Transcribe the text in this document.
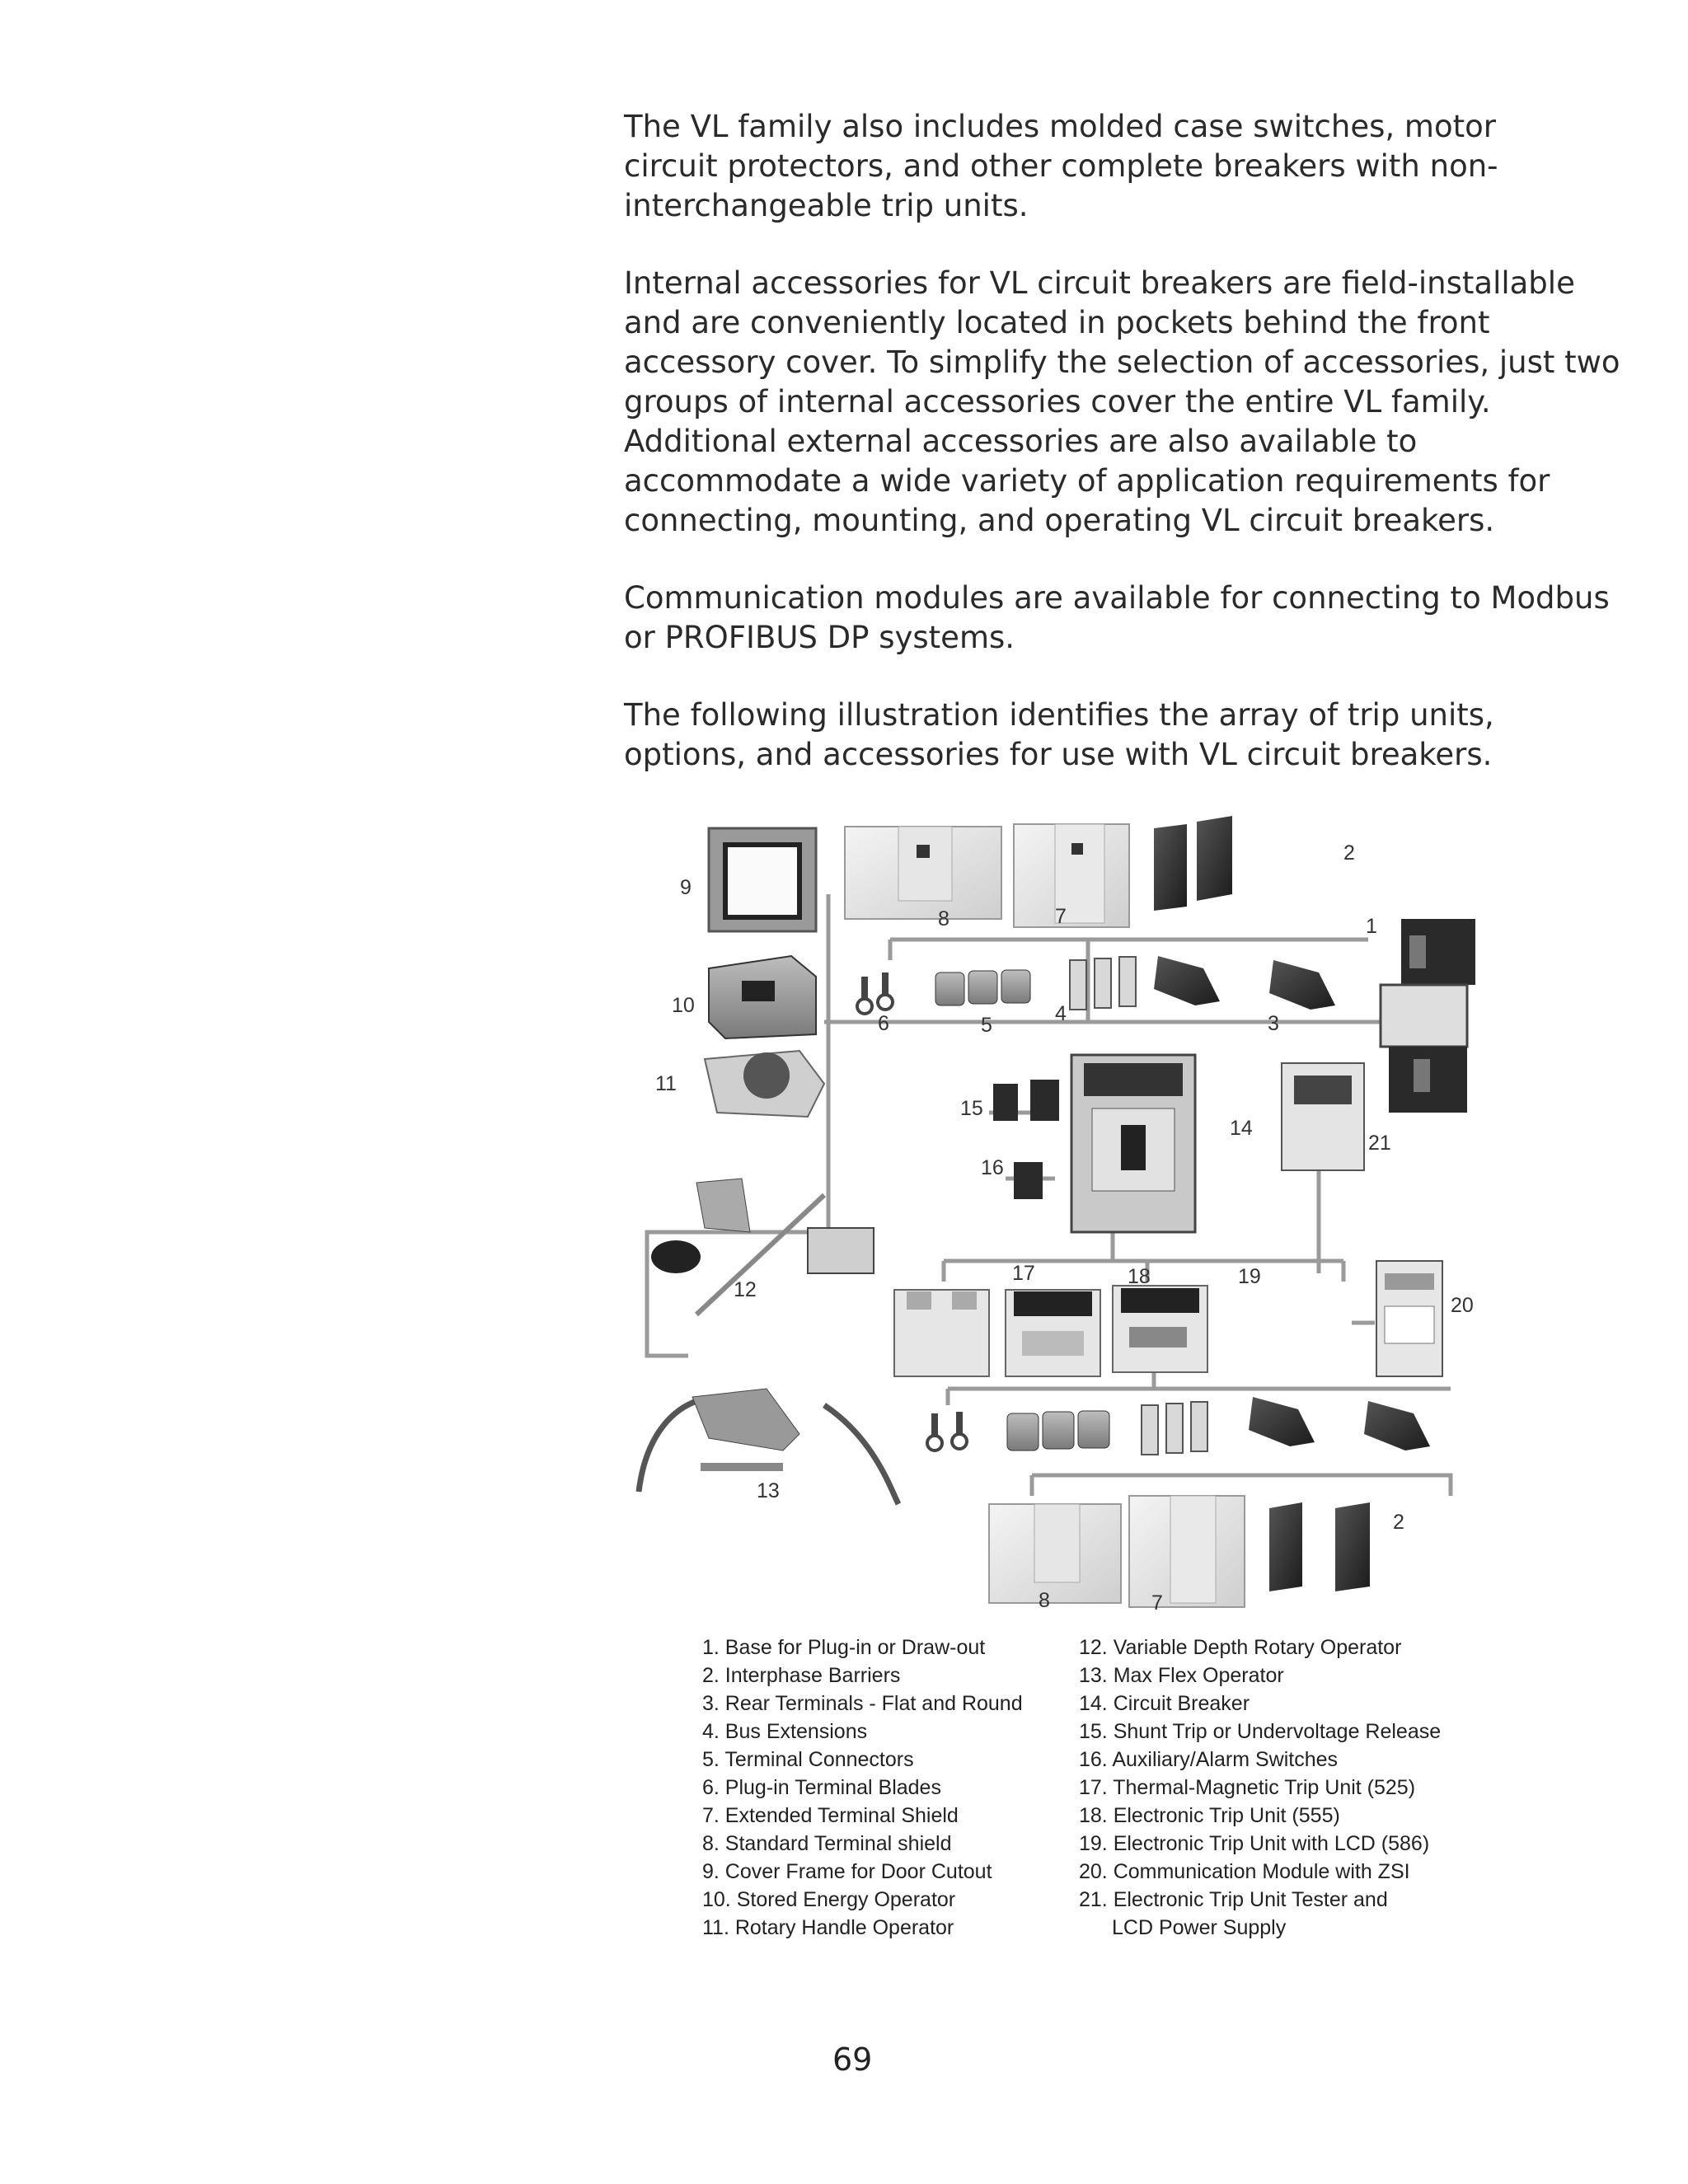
The VL family also includes molded case switches, motor
circuit protectors, and other complete breakers with non-
interchangeable trip units.

Internal accessories for VL circuit breakers are field-installable
and are conveniently located in pockets behind the front
accessory cover. To simplify the selection of accessories, just two
groups of internal accessories cover the entire VL family.
Additional external accessories are also available to
accommodate a wide variety of application requirements for
connecting, mounting, and operating VL circuit breakers.

Communication modules are available for connecting to Modbus
or PROFIBUS DP systems.

The following illustration identifies the array of trip units,
options, and accessories for use with VL circuit breakers.

9
8	7
2
1
10
6	5	4	3
11
15
14
21
16
12
17	18	19
20
13
2
8	7
1. Base for Plug-in or Draw-out
2. Interphase Barriers
3. Rear Terminals - Flat and Round
4. Bus Extensions
5. Terminal Connectors
6. Plug-in Terminal Blades
7. Extended Terminal Shield
8. Standard Terminal shield
9. Cover Frame for Door Cutout
10. Stored Energy Operator
11. Rotary Handle Operator
12. Variable Depth Rotary Operator
13. Max Flex Operator
14. Circuit Breaker
15. Shunt Trip or Undervoltage Release
16. Auxiliary/Alarm Switches
17. Thermal-Magnetic Trip Unit (525)
18. Electronic Trip Unit (555)
19. Electronic Trip Unit with LCD (586)
20. Communication Module with ZSI
21. Electronic Trip Unit Tester and
LCD Power Supply
69
